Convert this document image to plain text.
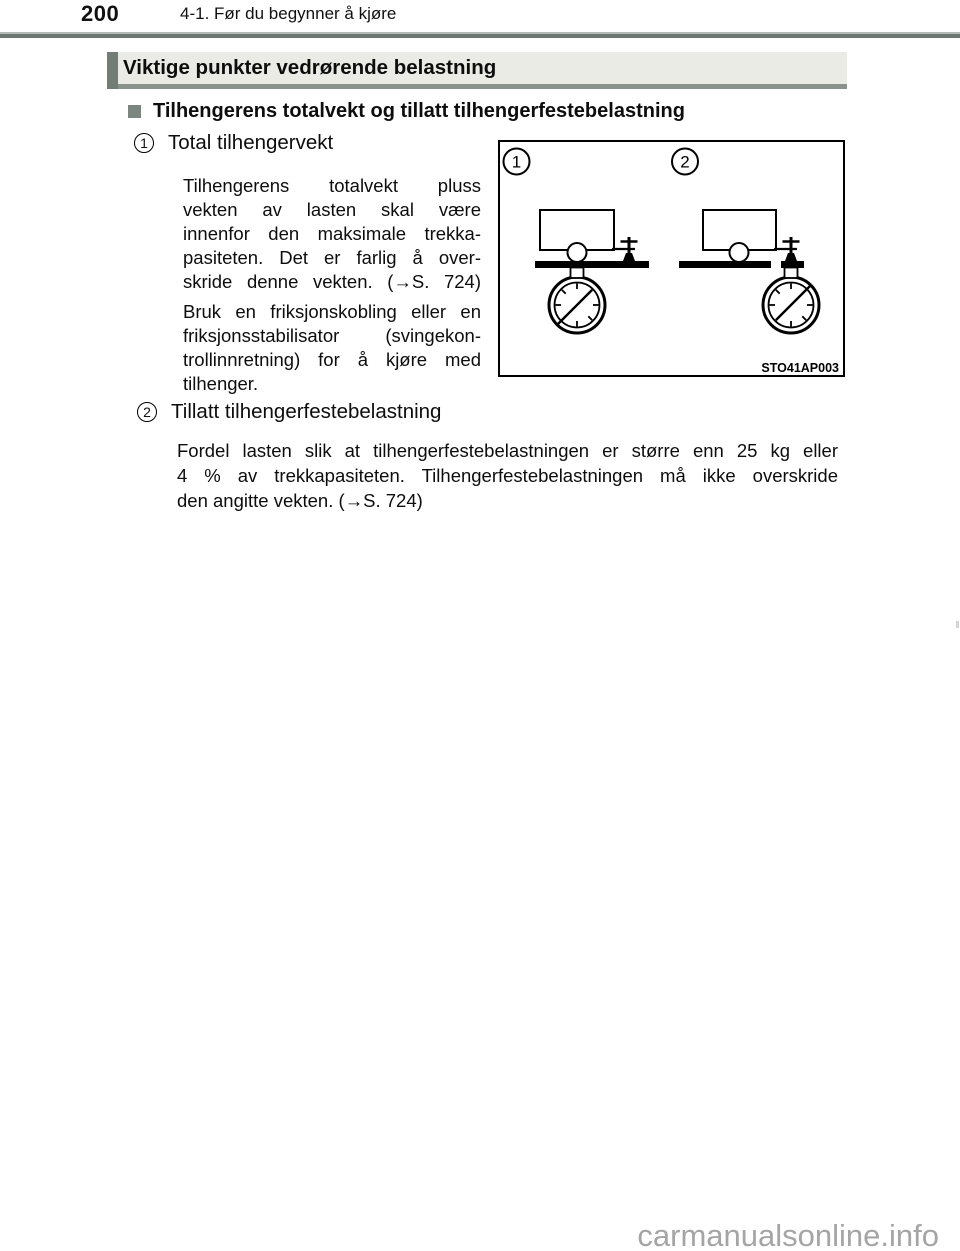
200	4-1. Før du begynner å kjøre
Viktige punkter vedrørende belastning
Tilhengerens totalvekt og tillatt tilhengerfestebelastning
1 Total tilhengervekt
Tilhengerens totalvekt pluss
vekten av lasten skal være
innenfor den maksimale trekka-
pasiteten. Det er farlig å over-
skride denne vekten. (→S. 724)
Bruk en friksjonskobling eller en
friksjonsstabilisator (svingekon-
trollinnretning) for å kjøre med
tilhenger.
1	2
STO41AP003
2 Tillatt tilhengerfestebelastning
Fordel lasten slik at tilhengerfestebelastningen er større enn 25 kg eller
4 % av trekkapasiteten. Tilhengerfestebelastningen må ikke overskride
den angitte vekten. (→S. 724)
carmanualsonline.info
